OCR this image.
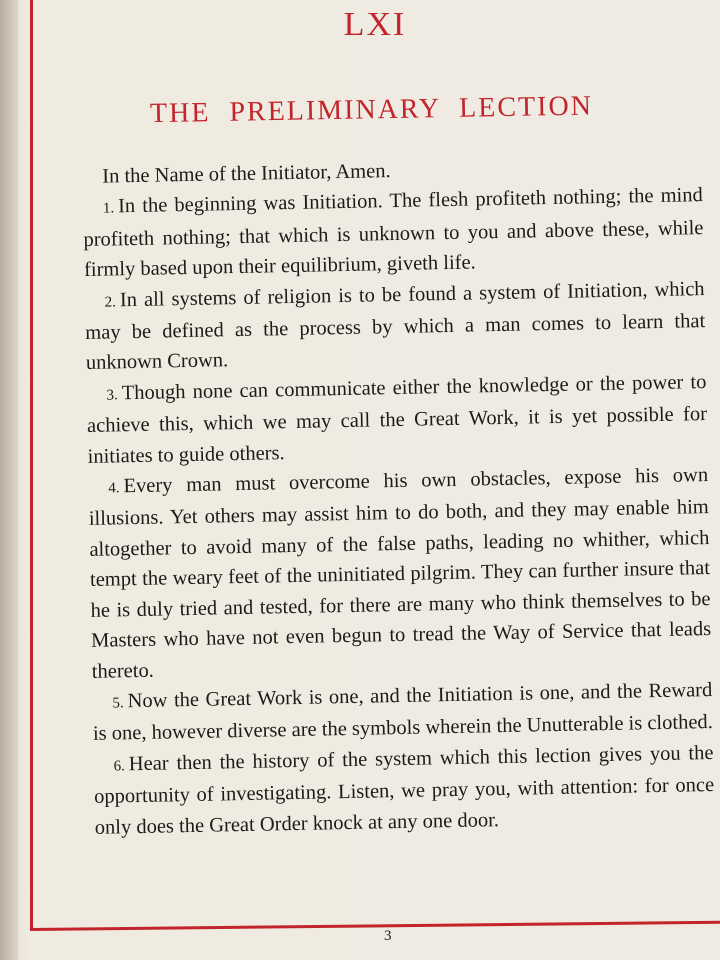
LXI
THE PRELIMINARY LECTION

In the Name of the Initiator, Amen.

1. In the beginning was Initiation. The flesh profiteth nothing; the mind profiteth nothing; that which is unknown to you and above these, while firmly based upon their equilibrium, giveth life.

2. In all systems of religion is to be found a system of Initiation, which may be defined as the process by which a man comes to learn that unknown Crown.

3. Though none can communicate either the knowledge or the power to achieve this, which we may call the Great Work, it is yet possible for initiates to guide others.

4. Every man must overcome his own obstacles, expose his own illusions. Yet others may assist him to do both, and they may enable him altogether to avoid many of the false paths, leading no whither, which tempt the weary feet of the uninitiated pilgrim. They can further insure that he is duly tried and tested, for there are many who think themselves to be Masters who have not even begun to tread the Way of Service that leads thereto.

5. Now the Great Work is one, and the Initiation is one, and the Reward is one, however diverse are the symbols wherein the Unutterable is clothed.

6. Hear then the history of the system which this lection gives you the opportunity of investigating. Listen, we pray you, with attention: for once only does the Great Order knock at any one door.

3
